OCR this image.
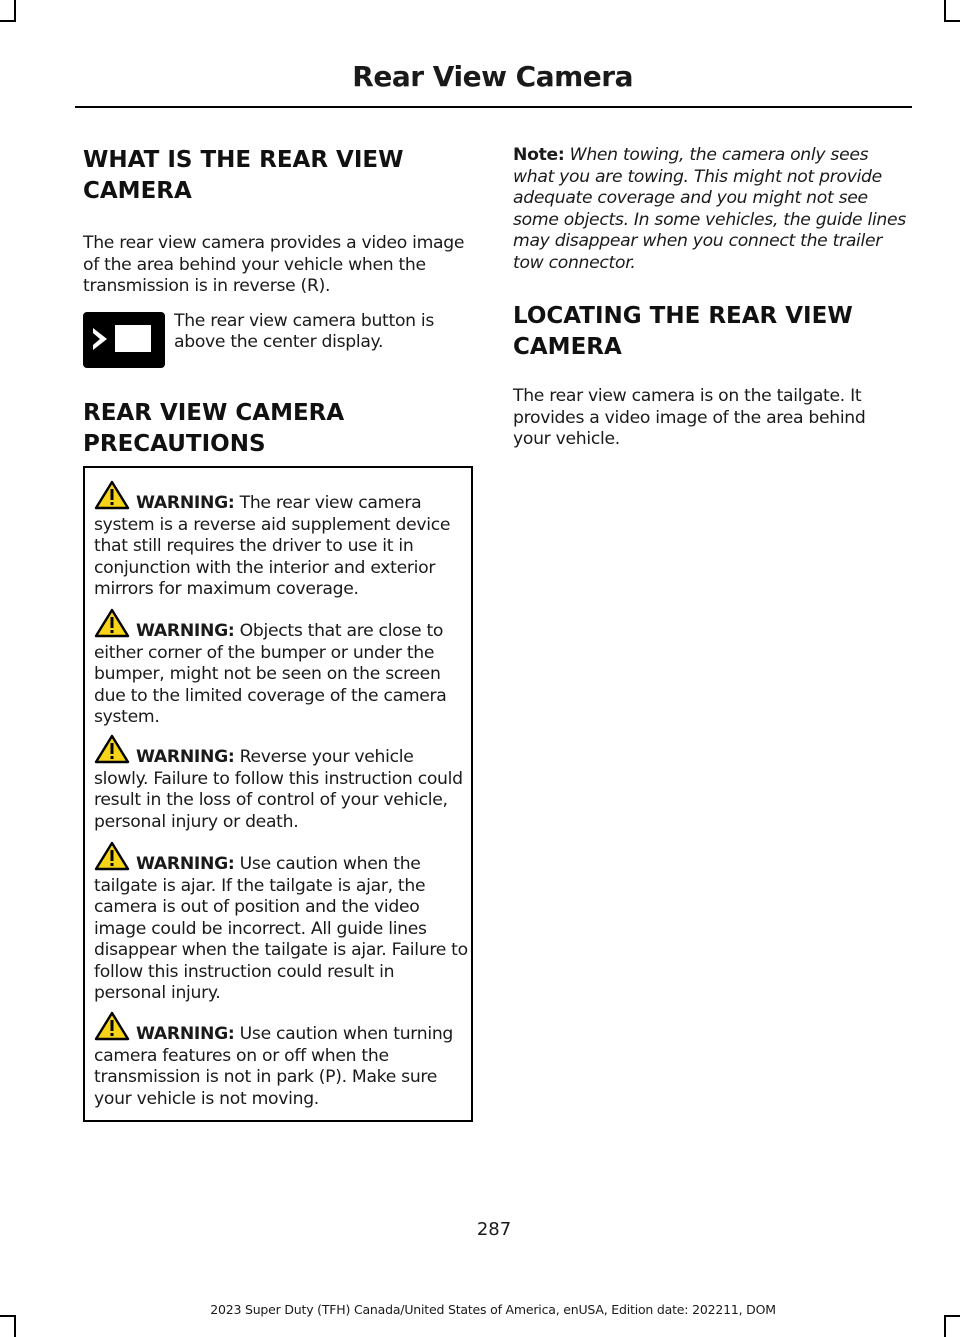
Rear View Camera
WHAT IS THE REAR VIEW CAMERA

The rear view camera provides a video image of the area behind your vehicle when the transmission is in reverse (R).

The rear view camera button is above the center display.

REAR VIEW CAMERA PRECAUTIONS

WARNING: The rear view camera system is a reverse aid supplement device that still requires the driver to use it in conjunction with the interior and exterior mirrors for maximum coverage.

WARNING: Objects that are close to either corner of the bumper or under the bumper, might not be seen on the screen due to the limited coverage of the camera system.

WARNING: Reverse your vehicle slowly. Failure to follow this instruction could result in the loss of control of your vehicle, personal injury or death.

WARNING: Use caution when the tailgate is ajar. If the tailgate is ajar, the camera is out of position and the video image could be incorrect. All guide lines disappear when the tailgate is ajar. Failure to follow this instruction could result in personal injury.

WARNING: Use caution when turning camera features on or off when the transmission is not in park (P). Make sure your vehicle is not moving.

Note: When towing, the camera only sees what you are towing. This might not provide adequate coverage and you might not see some objects. In some vehicles, the guide lines may disappear when you connect the trailer tow connector.

LOCATING THE REAR VIEW CAMERA

The rear view camera is on the tailgate. It provides a video image of the area behind your vehicle.

287
2023 Super Duty (TFH) Canada/United States of America, enUSA, Edition date: 202211, DOM
